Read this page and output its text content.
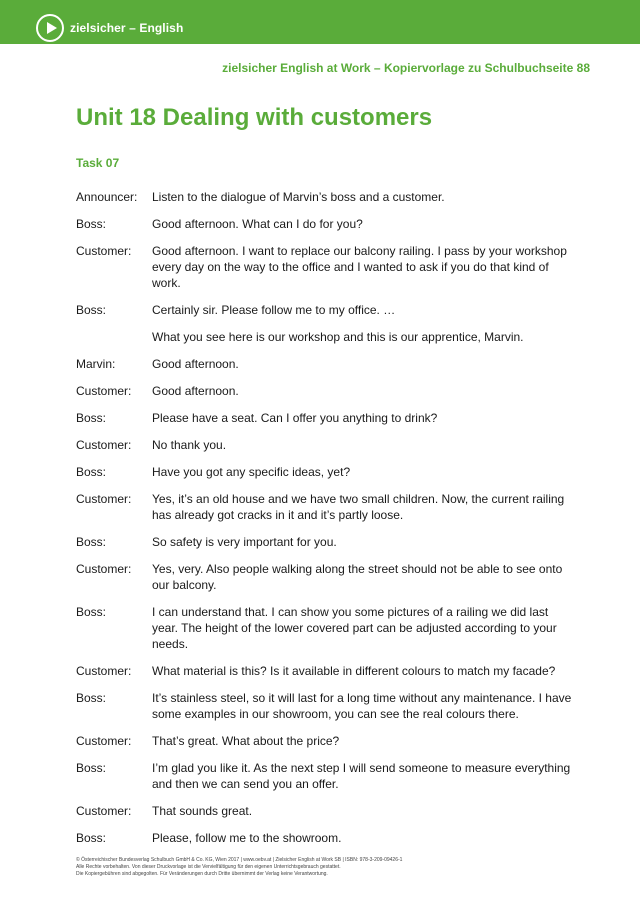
zielsicher – English
zielsicher English at Work – Kopiervorlage zu Schulbuchseite 88
Unit 18 Dealing with customers
Task 07
Announcer:	Listen to the dialogue of Marvin’s boss and a customer.
Boss:	Good afternoon. What can I do for you?
Customer:	Good afternoon. I want to replace our balcony railing. I pass by your workshop every day on the way to the office and I wanted to ask if you do that kind of work.
Boss:	Certainly sir. Please follow me to my office. …
What you see here is our workshop and this is our apprentice, Marvin.
Marvin:	Good afternoon.
Customer:	Good afternoon.
Boss:	Please have a seat. Can I offer you anything to drink?
Customer:	No thank you.
Boss:	Have you got any specific ideas, yet?
Customer:	Yes, it’s an old house and we have two small children. Now, the current railing has already got cracks in it and it’s partly loose.
Boss:	So safety is very important for you.
Customer:	Yes, very. Also people walking along the street should not be able to see onto our balcony.
Boss:	I can understand that. I can show you some pictures of a railing we did last year. The height of the lower covered part can be adjusted according to your needs.
Customer:	What material is this? Is it available in different colours to match my facade?
Boss:	It’s stainless steel, so it will last for a long time without any maintenance. I have some examples in our showroom, you can see the real colours there.
Customer:	That’s great. What about the price?
Boss:	I’m glad you like it. As the next step I will send someone to measure everything and then we can send you an offer.
Customer:	That sounds great.
Boss:	Please, follow me to the showroom.
© Österreichischer Bundesverlag Schulbuch GmbH & Co. KG, Wien 2017 | www.oebv.at | Zielsicher English at Work SB | ISBN: 978-3-209-09426-1
Alle Rechte vorbehalten. Von dieser Druckvorlage ist die Vervielfältigung für den eigenen Unterrichtsgebrauch gestattet.
Die Kopiergebühren sind abgegolten. Für Veränderungen durch Dritte übernimmt der Verlag keine Verantwortung.
